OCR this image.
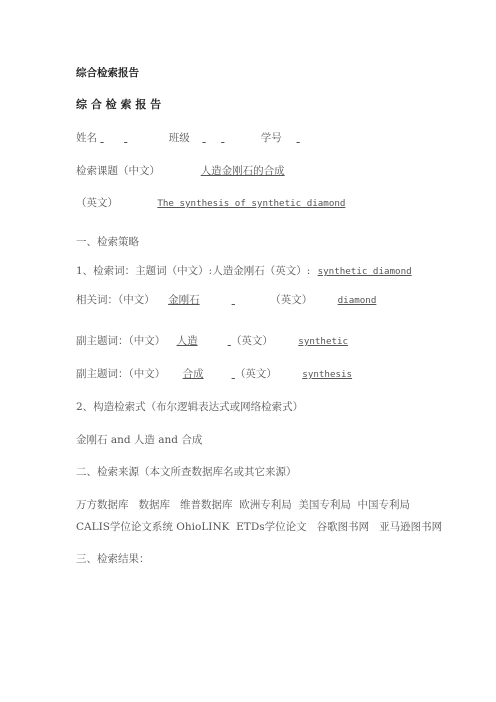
综合检索报告
综 合 检 索 报 告
姓名	班级	学号
检索课题（中文）	人造金刚石的合成
（英文）	The synthesis of synthetic diamond
一、检索策略
1、检索词：主题词（中文）:人造金刚石（英文）: synthetic diamond
相关词：（中文） 金刚石	（英文）	diamond
副主题词：（中文） 人造	（英文）	synthetic
副主题词：（中文） 合成	（英文）	synthesis
2、构造检索式（布尔逻辑表达式或网络检索式）
金刚石 and 人造 and 合成
二、检索来源（本文所查数据库名或其它来源）
万方数据库   数据库   维普数据库  欧洲专利局  美国专利局  中国专利局
CALIS学位论文系统 OhioLINK  ETDs学位论文   谷歌图书网   亚马逊图书网
三、检索结果：
